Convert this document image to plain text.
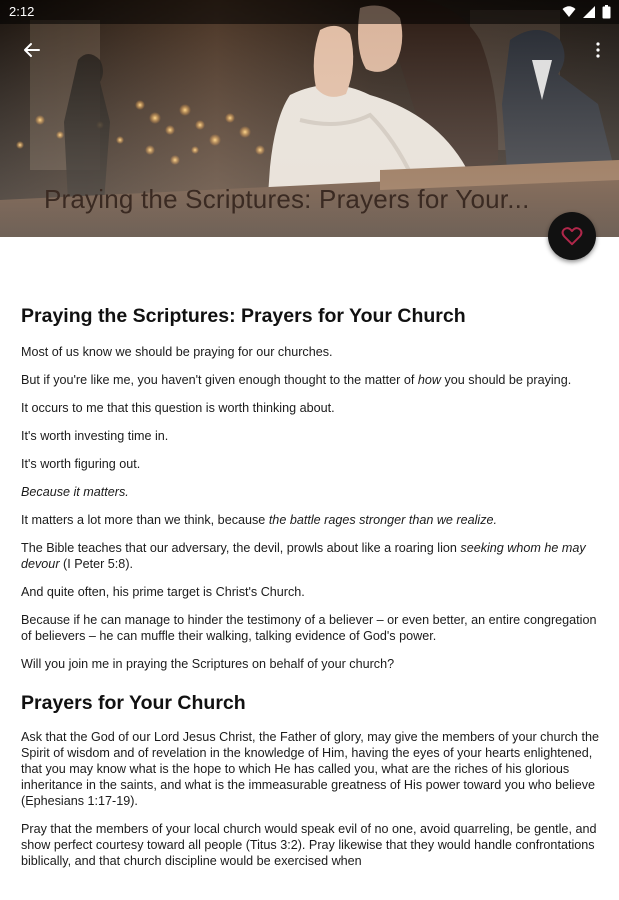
2:12
Praying the Scriptures: Prayers for Your...
Praying the Scriptures: Prayers for Your Church

Most of us know we should be praying for our churches.

But if you're like me, you haven't given enough thought to the matter of how you should be praying.

It occurs to me that this question is worth thinking about.

It's worth investing time in.

It's worth figuring out.

Because it matters.

It matters a lot more than we think, because the battle rages stronger than we realize.

The Bible teaches that our adversary, the devil, prowls about like a roaring lion seeking whom he may devour (I Peter 5:8).

And quite often, his prime target is Christ's Church.

Because if he can manage to hinder the testimony of a believer – or even better, an entire congregation of believers – he can muffle their walking, talking evidence of God's power.

Will you join me in praying the Scriptures on behalf of your church?

Prayers for Your Church

Ask that the God of our Lord Jesus Christ, the Father of glory, may give the members of your church the Spirit of wisdom and of revelation in the knowledge of Him, having the eyes of your hearts enlightened, that you may know what is the hope to which He has called you, what are the riches of his glorious inheritance in the saints, and what is the immeasurable greatness of His power toward you who believe (Ephesians 1:17-19).

Pray that the members of your local church would speak evil of no one, avoid quarreling, be gentle, and show perfect courtesy toward all people (Titus 3:2). Pray likewise that they would handle confrontations biblically, and that church discipline would be exercised when
